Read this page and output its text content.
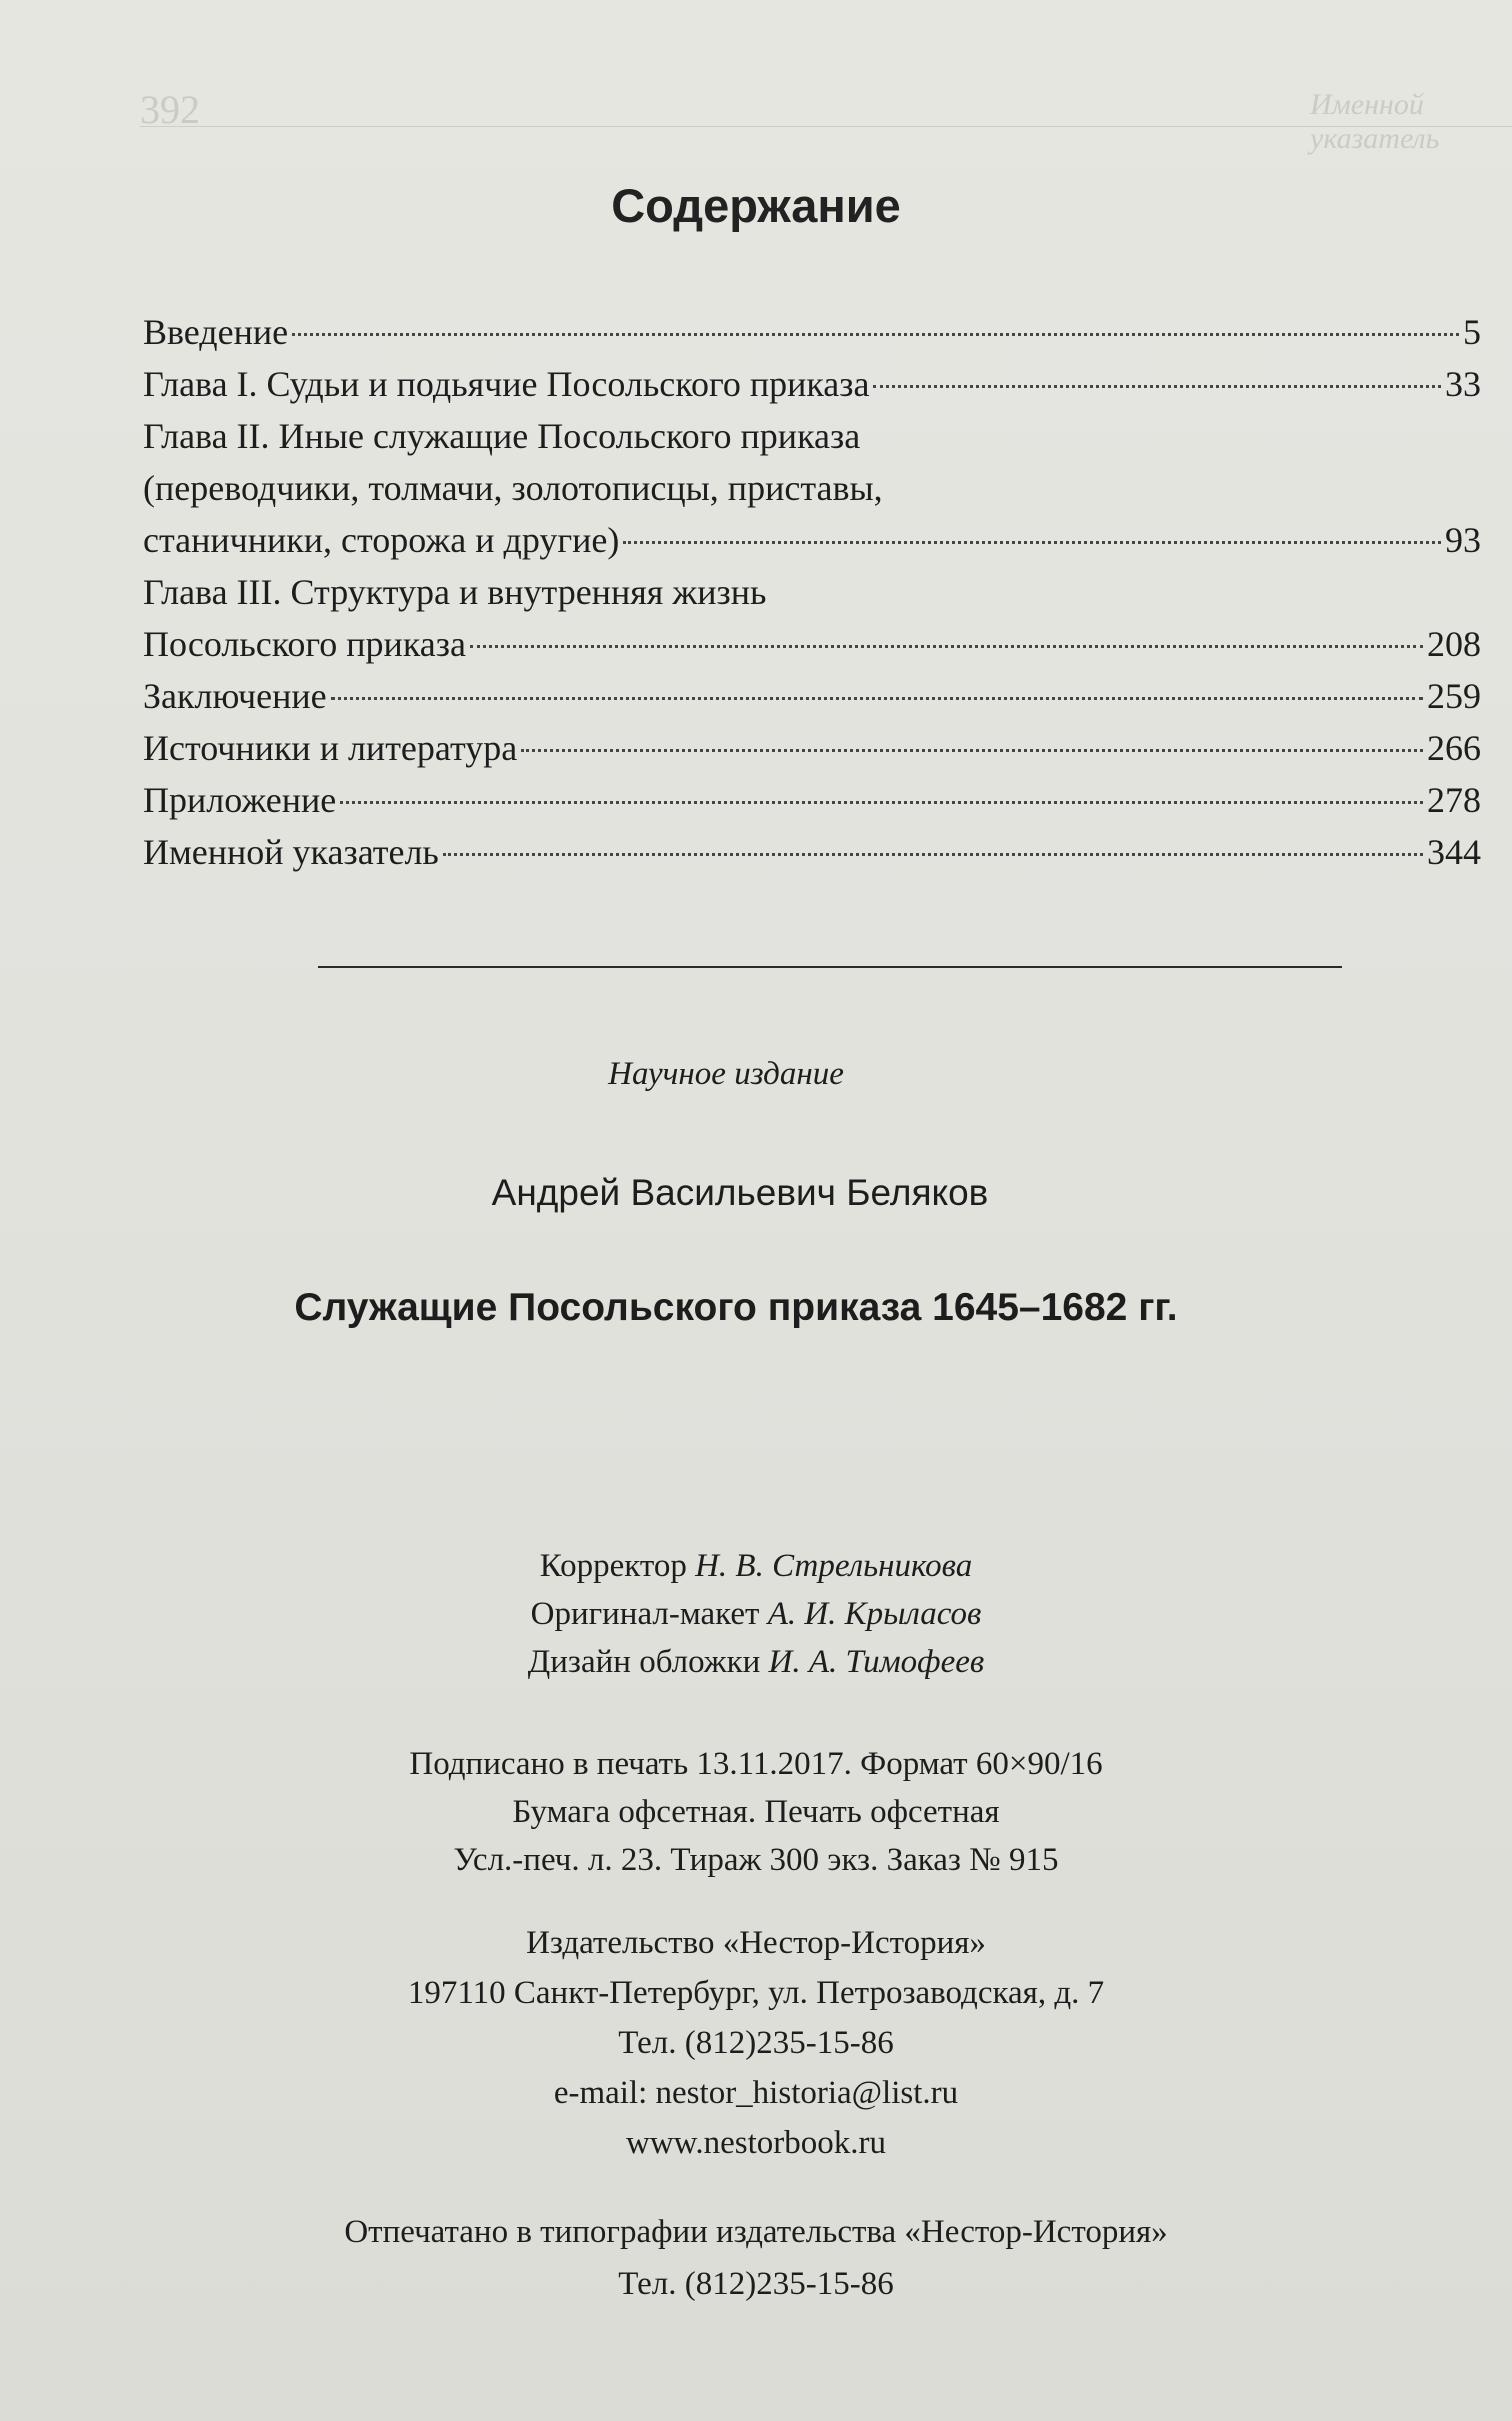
392	Именной указатель
Содержание
Введение	5
Глава I. Судьи и подьячие Посольского приказа	33
Глава II. Иные служащие Посольского приказа
(переводчики, толмачи, золотописцы, приставы,
станичники, сторожа и другие)	93
Глава III. Структура и внутренняя жизнь
Посольского приказа	208
Заключение	259
Источники и литература	266
Приложение	278
Именной указатель	344
Научное издание
Андрей Васильевич Беляков
Служащие Посольского приказа 1645–1682 гг.
Корректор Н. В. Стрельникова
Оригинал-макет А. И. Крыласов
Дизайн обложки И. А. Тимофеев
Подписано в печать 13.11.2017. Формат 60×90/16
Бумага офсетная. Печать офсетная
Усл.-печ. л. 23. Тираж 300 экз. Заказ № 915
Издательство «Нестор-История»
197110 Санкт-Петербург, ул. Петрозаводская, д. 7
Тел. (812)235-15-86
e-mail: nestor_historia@list.ru
www.nestorbook.ru
Отпечатано в типографии издательства «Нестор-История»
Тел. (812)235-15-86
